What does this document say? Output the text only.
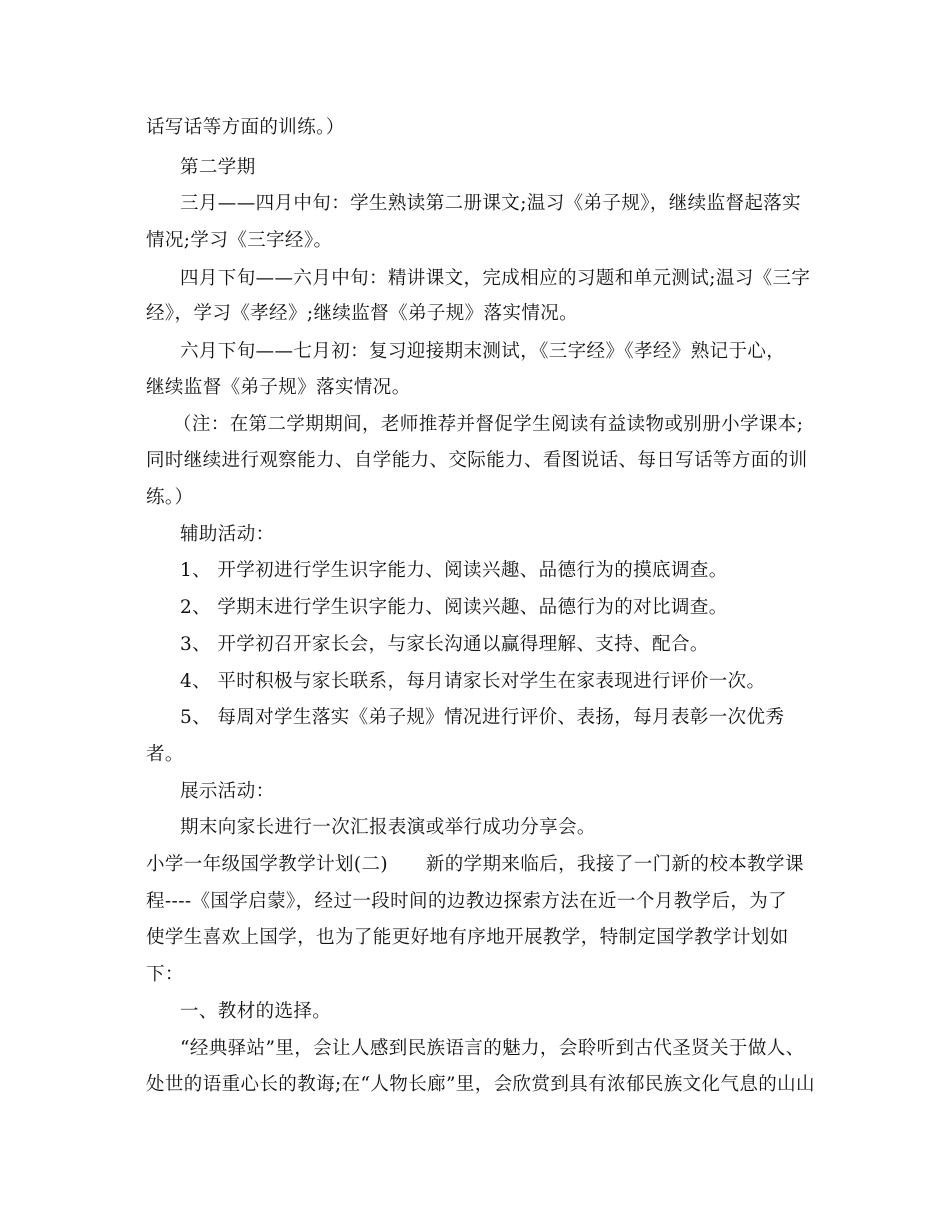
话写话等方面的训练。）
第二学期
三月——四月中旬：学生熟读第二册课文;温习《弟子规》，继续监督起落实
情况;学习《三字经》。
四月下旬——六月中旬：精讲课文，完成相应的习题和单元测试;温习《三字
经》，学习《孝经》;继续监督《弟子规》落实情况。
六月下旬——七月初：复习迎接期末测试，《三字经》《孝经》熟记于心，
继续监督《弟子规》落实情况。
（注：在第二学期期间，老师推荐并督促学生阅读有益读物或别册小学课本;
同时继续进行观察能力、自学能力、交际能力、看图说话、每日写话等方面的训
练。）
辅助活动：
1、 开学初进行学生识字能力、阅读兴趣、品德行为的摸底调查。
2、 学期末进行学生识字能力、阅读兴趣、品德行为的对比调查。
3、 开学初召开家长会，与家长沟通以赢得理解、支持、配合。
4、 平时积极与家长联系，每月请家长对学生在家表现进行评价一次。
5、 每周对学生落实《弟子规》情况进行评价、表扬，每月表彰一次优秀
者。
展示活动：
期末向家长进行一次汇报表演或举行成功分享会。
小学一年级国学教学计划(二)　　新的学期来临后，我接了一门新的校本教学课
程----《国学启蒙》，经过一段时间的边教边探索方法在近一个月教学后，为了
使学生喜欢上国学，也为了能更好地有序地开展教学，特制定国学教学计划如
下：
一、教材的选择。
“经典驿站”里，会让人感到民族语言的魅力，会聆听到古代圣贤关于做人、
处世的语重心长的教诲;在“人物长廊”里，会欣赏到具有浓郁民族文化气息的山山
